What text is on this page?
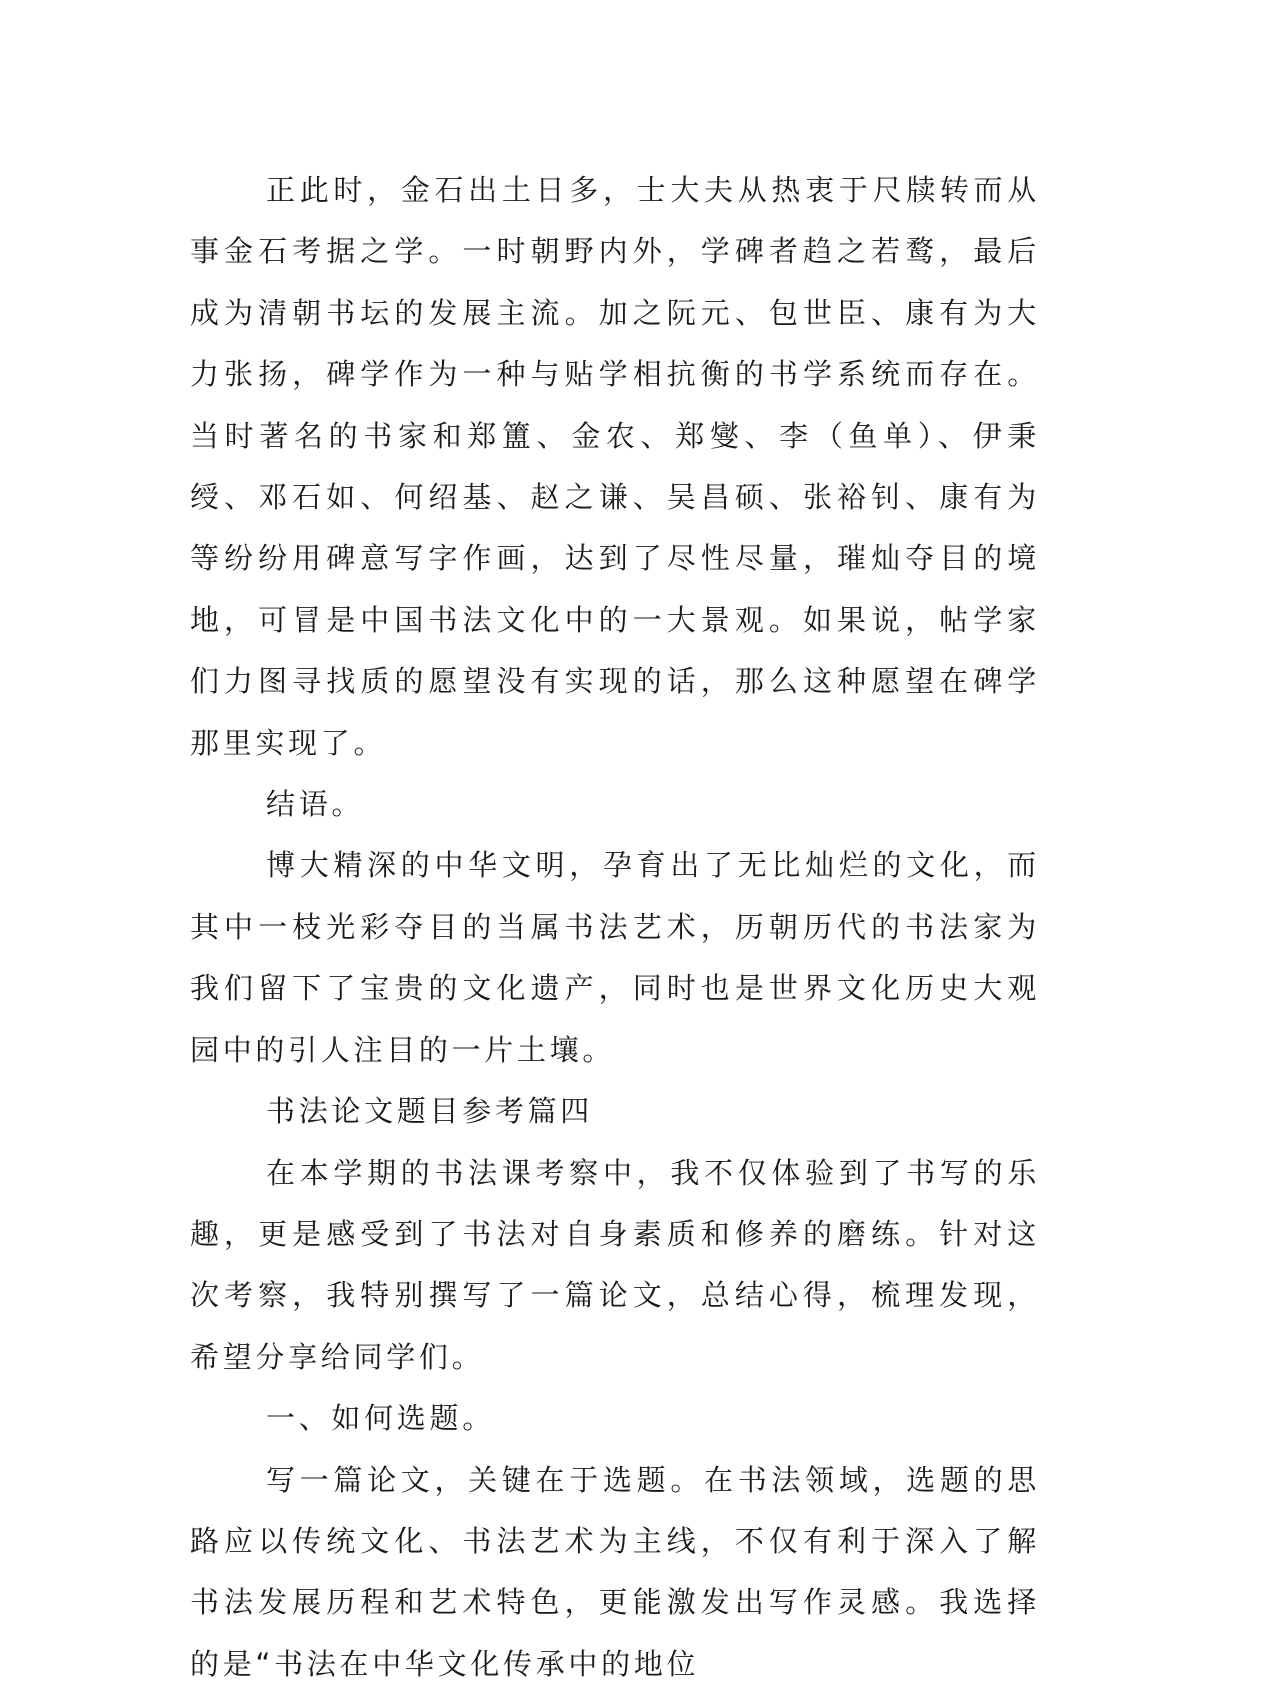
正此时，金石出土日多，士大夫从热衷于尺牍转而从事金石考据之学。一时朝野内外，学碑者趋之若鹜，最后成为清朝书坛的发展主流。加之阮元、包世臣、康有为大力张扬，碑学作为一种与贴学相抗衡的书学系统而存在。当时著名的书家和郑簠、金农、郑燮、李（鱼单）、伊秉绶、邓石如、何绍基、赵之谦、吴昌硕、张裕钊、康有为等纷纷用碑意写字作画，达到了尽性尽量，璀灿夺目的境地，可冒是中国书法文化中的一大景观。如果说，帖学家们力图寻找质的愿望没有实现的话，那么这种愿望在碑学那里实现了。

结语。

博大精深的中华文明，孕育出了无比灿烂的文化，而其中一枝光彩夺目的当属书法艺术，历朝历代的书法家为我们留下了宝贵的文化遗产，同时也是世界文化历史大观园中的引人注目的一片土壤。

书法论文题目参考篇四

在本学期的书法课考察中，我不仅体验到了书写的乐趣，更是感受到了书法对自身素质和修养的磨练。针对这次考察，我特别撰写了一篇论文，总结心得，梳理发现，希望分享给同学们。

一、如何选题。

写一篇论文，关键在于选题。在书法领域，选题的思路应以传统文化、书法艺术为主线，不仅有利于深入了解书法发展历程和艺术特色，更能激发出写作灵感。我选择的是“书法在中华文化传承中的地位
